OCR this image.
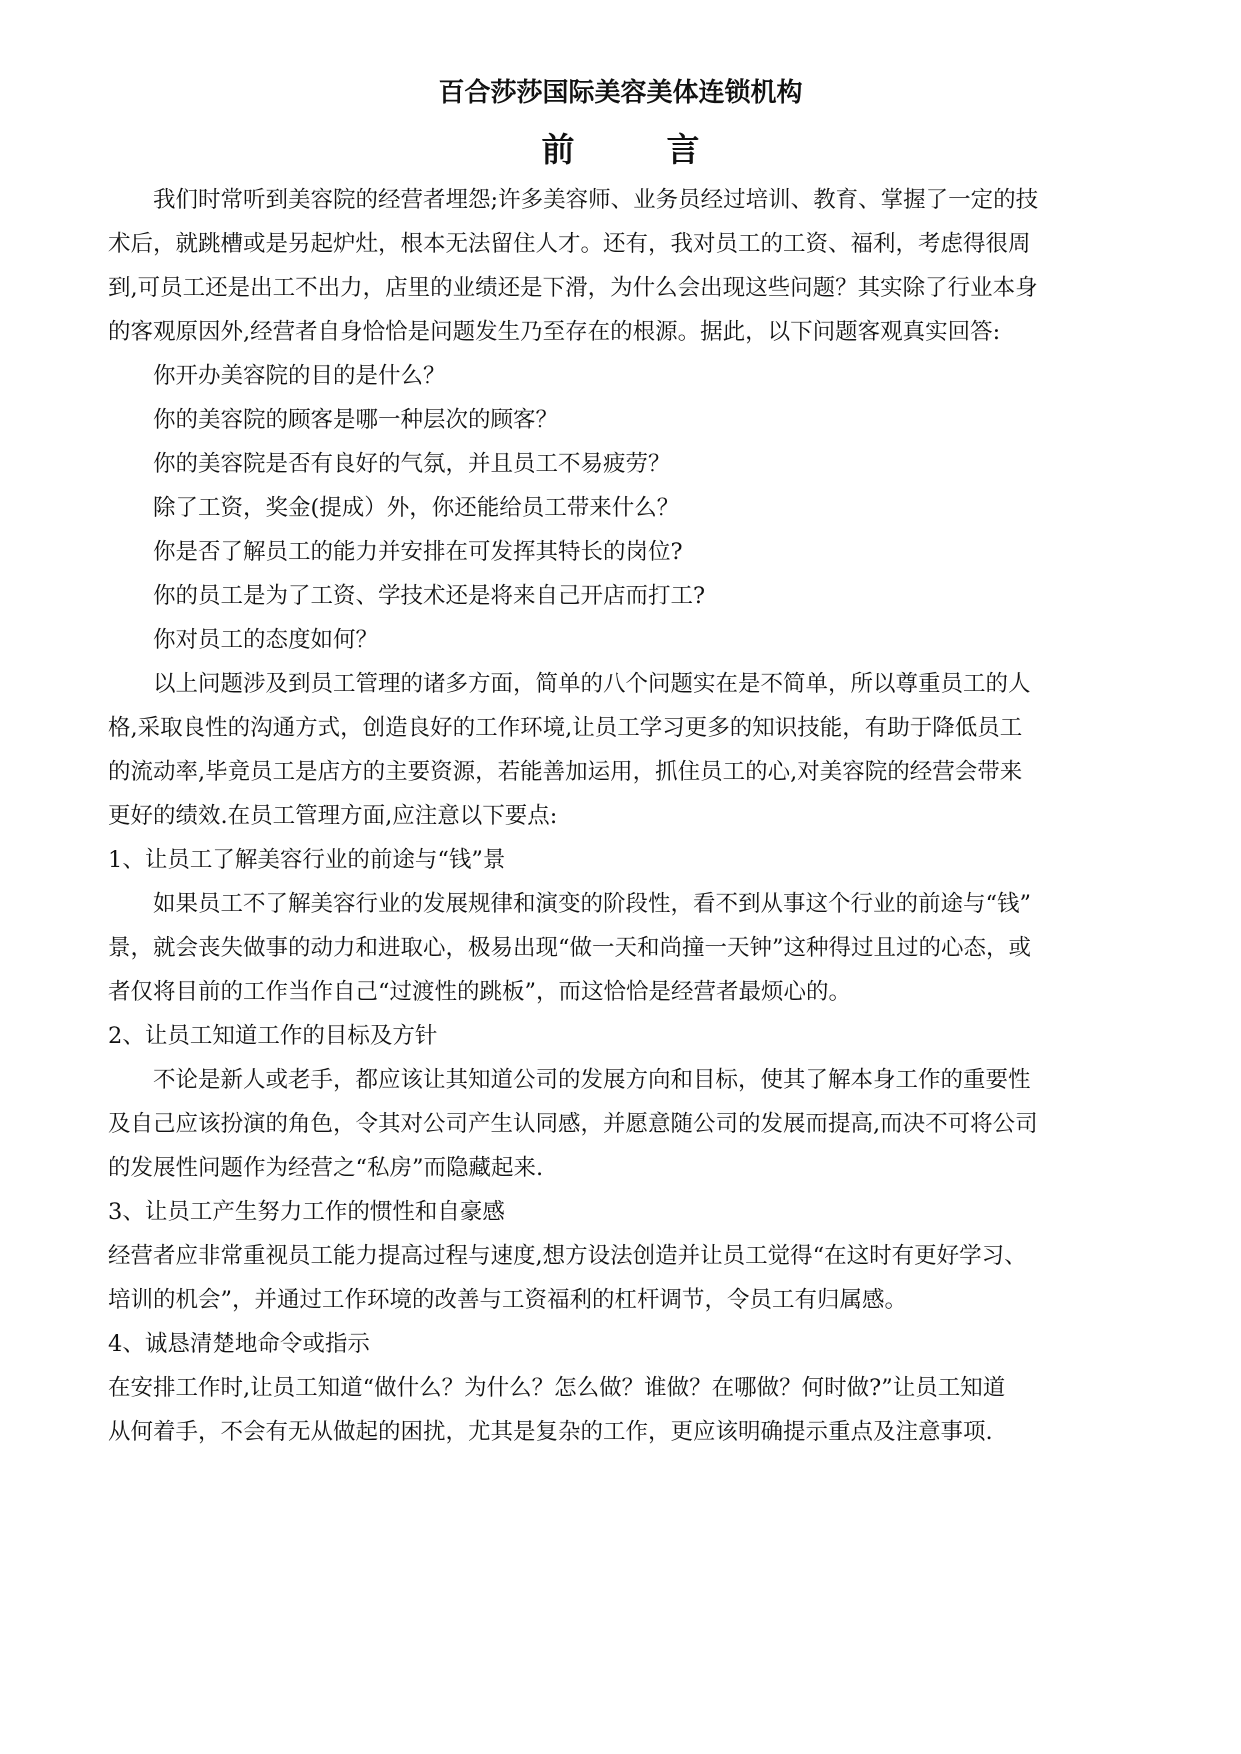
百合莎莎国际美容美体连锁机构
前        言
　　我们时常听到美容院的经营者埋怨;许多美容师、业务员经过培训、教育、掌握了一定的技
术后，就跳槽或是另起炉灶，根本无法留住人才。还有，我对员工的工资、福利，考虑得很周
到,可员工还是出工不出力，店里的业绩还是下滑，为什么会出现这些问题？其实除了行业本身
的客观原因外,经营者自身恰恰是问题发生乃至存在的根源。据此，以下问题客观真实回答:
　　你开办美容院的目的是什么？
　　你的美容院的顾客是哪一种层次的顾客？
　　你的美容院是否有良好的气氛，并且员工不易疲劳？
　　除了工资，奖金(提成）外，你还能给员工带来什么？
　　你是否了解员工的能力并安排在可发挥其特长的岗位?
　　你的员工是为了工资、学技术还是将来自己开店而打工?
　　你对员工的态度如何？
　　以上问题涉及到员工管理的诸多方面，简单的八个问题实在是不简单，所以尊重员工的人
格,采取良性的沟通方式，创造良好的工作环境,让员工学习更多的知识技能，有助于降低员工
的流动率,毕竟员工是店方的主要资源，若能善加运用，抓住员工的心,对美容院的经营会带来
更好的绩效.在员工管理方面,应注意以下要点:
1、让员工了解美容行业的前途与“钱”景
　　如果员工不了解美容行业的发展规律和演变的阶段性，看不到从事这个行业的前途与“钱”
景，就会丧失做事的动力和进取心，极易出现“做一天和尚撞一天钟”这种得过且过的心态，或
者仅将目前的工作当作自己“过渡性的跳板”，而这恰恰是经营者最烦心的。
2、让员工知道工作的目标及方针
　　不论是新人或老手，都应该让其知道公司的发展方向和目标，使其了解本身工作的重要性
及自己应该扮演的角色，令其对公司产生认同感，并愿意随公司的发展而提高,而决不可将公司
的发展性问题作为经营之“私房”而隐藏起来.
3、让员工产生努力工作的惯性和自豪感
经营者应非常重视员工能力提高过程与速度,想方设法创造并让员工觉得“在这时有更好学习、
培训的机会”，并通过工作环境的改善与工资福利的杠杆调节，令员工有归属感。
4、诚恳清楚地命令或指示
在安排工作时,让员工知道“做什么？为什么？怎么做？谁做？在哪做？何时做?”让员工知道
从何着手，不会有无从做起的困扰，尤其是复杂的工作，更应该明确提示重点及注意事项.
